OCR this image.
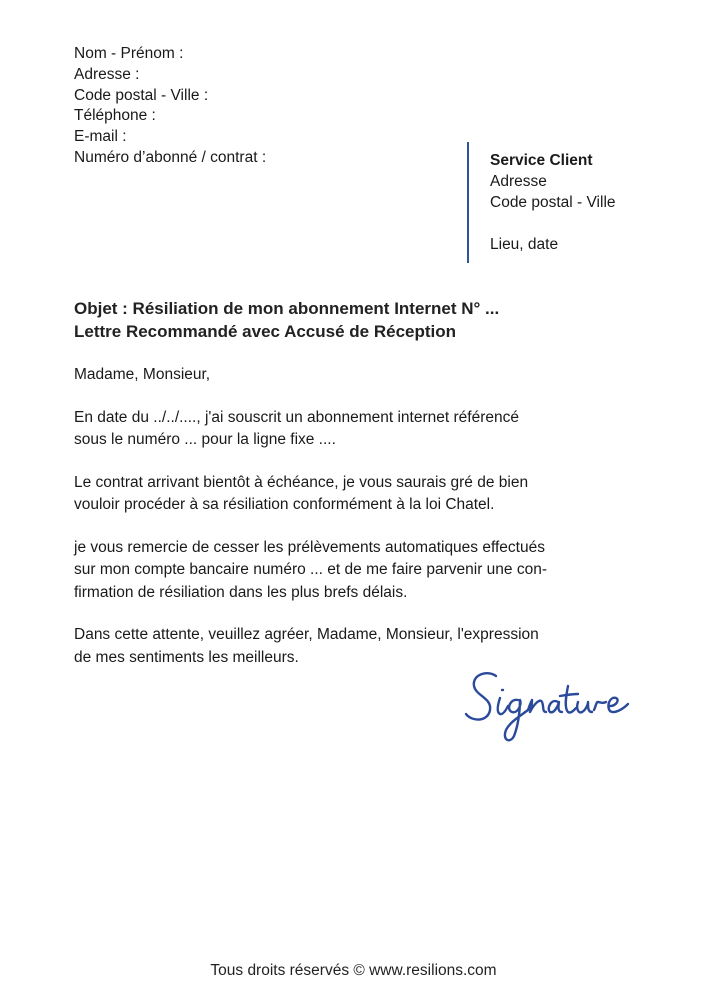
Nom - Prénom :
Adresse :
Code postal - Ville :
Téléphone :
E-mail :
Numéro d’abonné / contrat :	Service Client
Adresse
Code postal - Ville
Lieu, date
Objet : Résiliation de mon abonnement Internet N° ...
Lettre Recommandé avec Accusé de Réception

Madame, Monsieur,

En date du ../../...., j'ai souscrit un abonnement internet référencé
sous le numéro ... pour la ligne fixe ....

Le contrat arrivant bientôt à échéance, je vous saurais gré de bien
vouloir procéder à sa résiliation conformément à la loi Chatel.

je vous remercie de cesser les prélèvements automatiques effectués
sur mon compte bancaire numéro ... et de me faire parvenir une con-
firmation de résiliation dans les plus brefs délais.

Dans cette attente, veuillez agréer, Madame, Monsieur, l'expression
de mes sentiments les meilleurs.

Tous droits réservés © www.resilions.com
